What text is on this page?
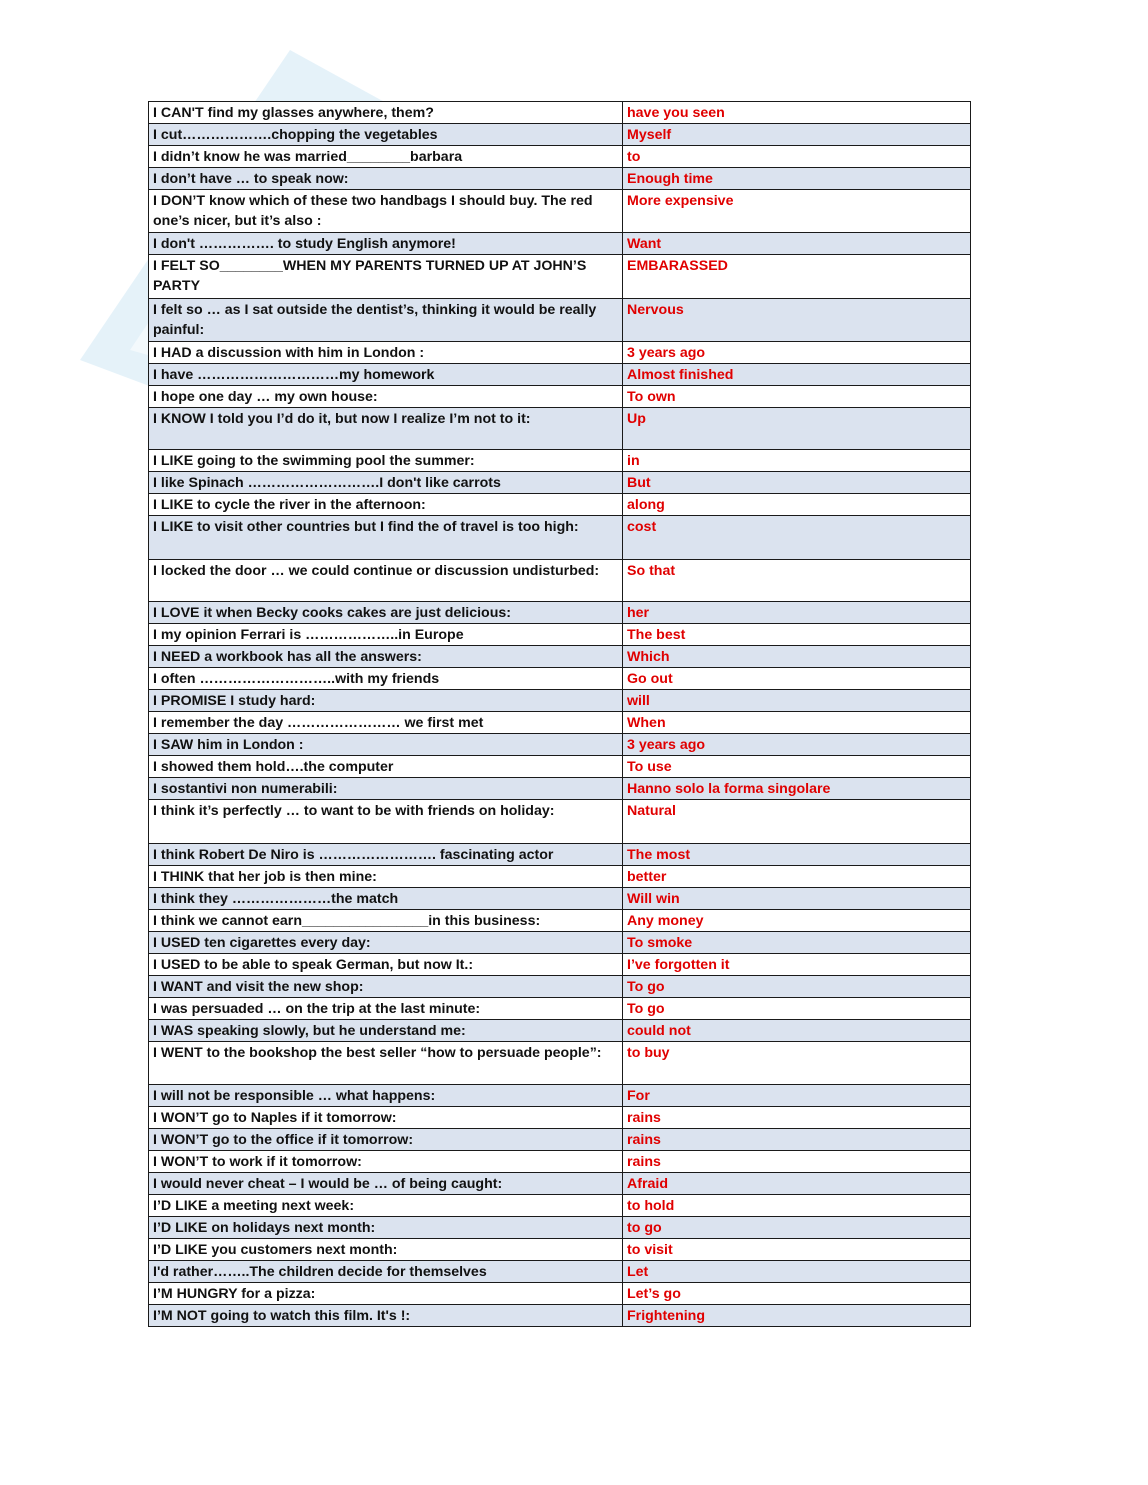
I CAN'T find my glasses anywhere, them?	have you seen
I cut……………….chopping the vegetables	Myself
I didn’t know he was married________barbara	to
I don’t have … to speak now:	Enough time
I DON’T know which of these two handbags I should buy. The red one’s nicer, but it’s also :	More expensive
I don't ……………. to study English anymore!	Want
I FELT SO________WHEN MY PARENTS TURNED UP AT JOHN’S PARTY	EMBARASSED
I felt so … as I sat outside the dentist’s, thinking it would be really painful:	Nervous
I HAD a discussion with him in London :	3 years ago
I have …………………………my homework	Almost finished
I hope one day … my own house:	To own
I KNOW I told you I’d do it, but now I realize I’m not to it:	Up
I LIKE going to the swimming pool the summer:	in
I like Spinach ……………………….I don't like carrots	But
I LIKE to cycle the river in the afternoon:	along
I LIKE to visit other countries but I find the of travel is too high:	cost
I locked the door … we could continue or discussion undisturbed:	So that
I LOVE it when Becky cooks cakes are just delicious:	her
I my opinion Ferrari is ………………..in Europe	The best
I NEED a workbook has all the answers:	Which
I often ………………………..with my friends	Go out
I PROMISE I study hard:	will
I remember the day …………………… we first met	When
I SAW him in London :	3 years ago
I showed them hold….the computer	To use
I sostantivi non numerabili:	Hanno solo la forma singolare
I think it’s perfectly … to want to be with friends on holiday:	Natural
I think Robert De Niro is ……………………. fascinating actor	The most
I THINK that her job is then mine:	better
I think they …………………the match	Will win
I think we cannot earn________________in this business:	Any money
I USED ten cigarettes every day:	To smoke
I USED to be able to speak German, but now It.:	I’ve forgotten it
I WANT and visit the new shop:	To go
I was persuaded … on the trip at the last minute:	To go
I WAS speaking slowly, but he understand me:	could not
I WENT to the bookshop the best seller “how to persuade people”:	to buy
I will not be responsible … what happens:	For
I WON’T go to Naples if it tomorrow:	rains
I WON’T go to the office if it tomorrow:	rains
I WON’T to work if it tomorrow:	rains
I would never cheat – I would be … of being caught:	Afraid
I’D LIKE a meeting next week:	to hold
I’D LIKE on holidays next month:	to go
I’D LIKE you customers next month:	to visit
I'd rather……..The children decide for themselves	Let
I’M HUNGRY for a pizza:	Let’s go
I’M NOT going to watch this film. It's !:	Frightening
